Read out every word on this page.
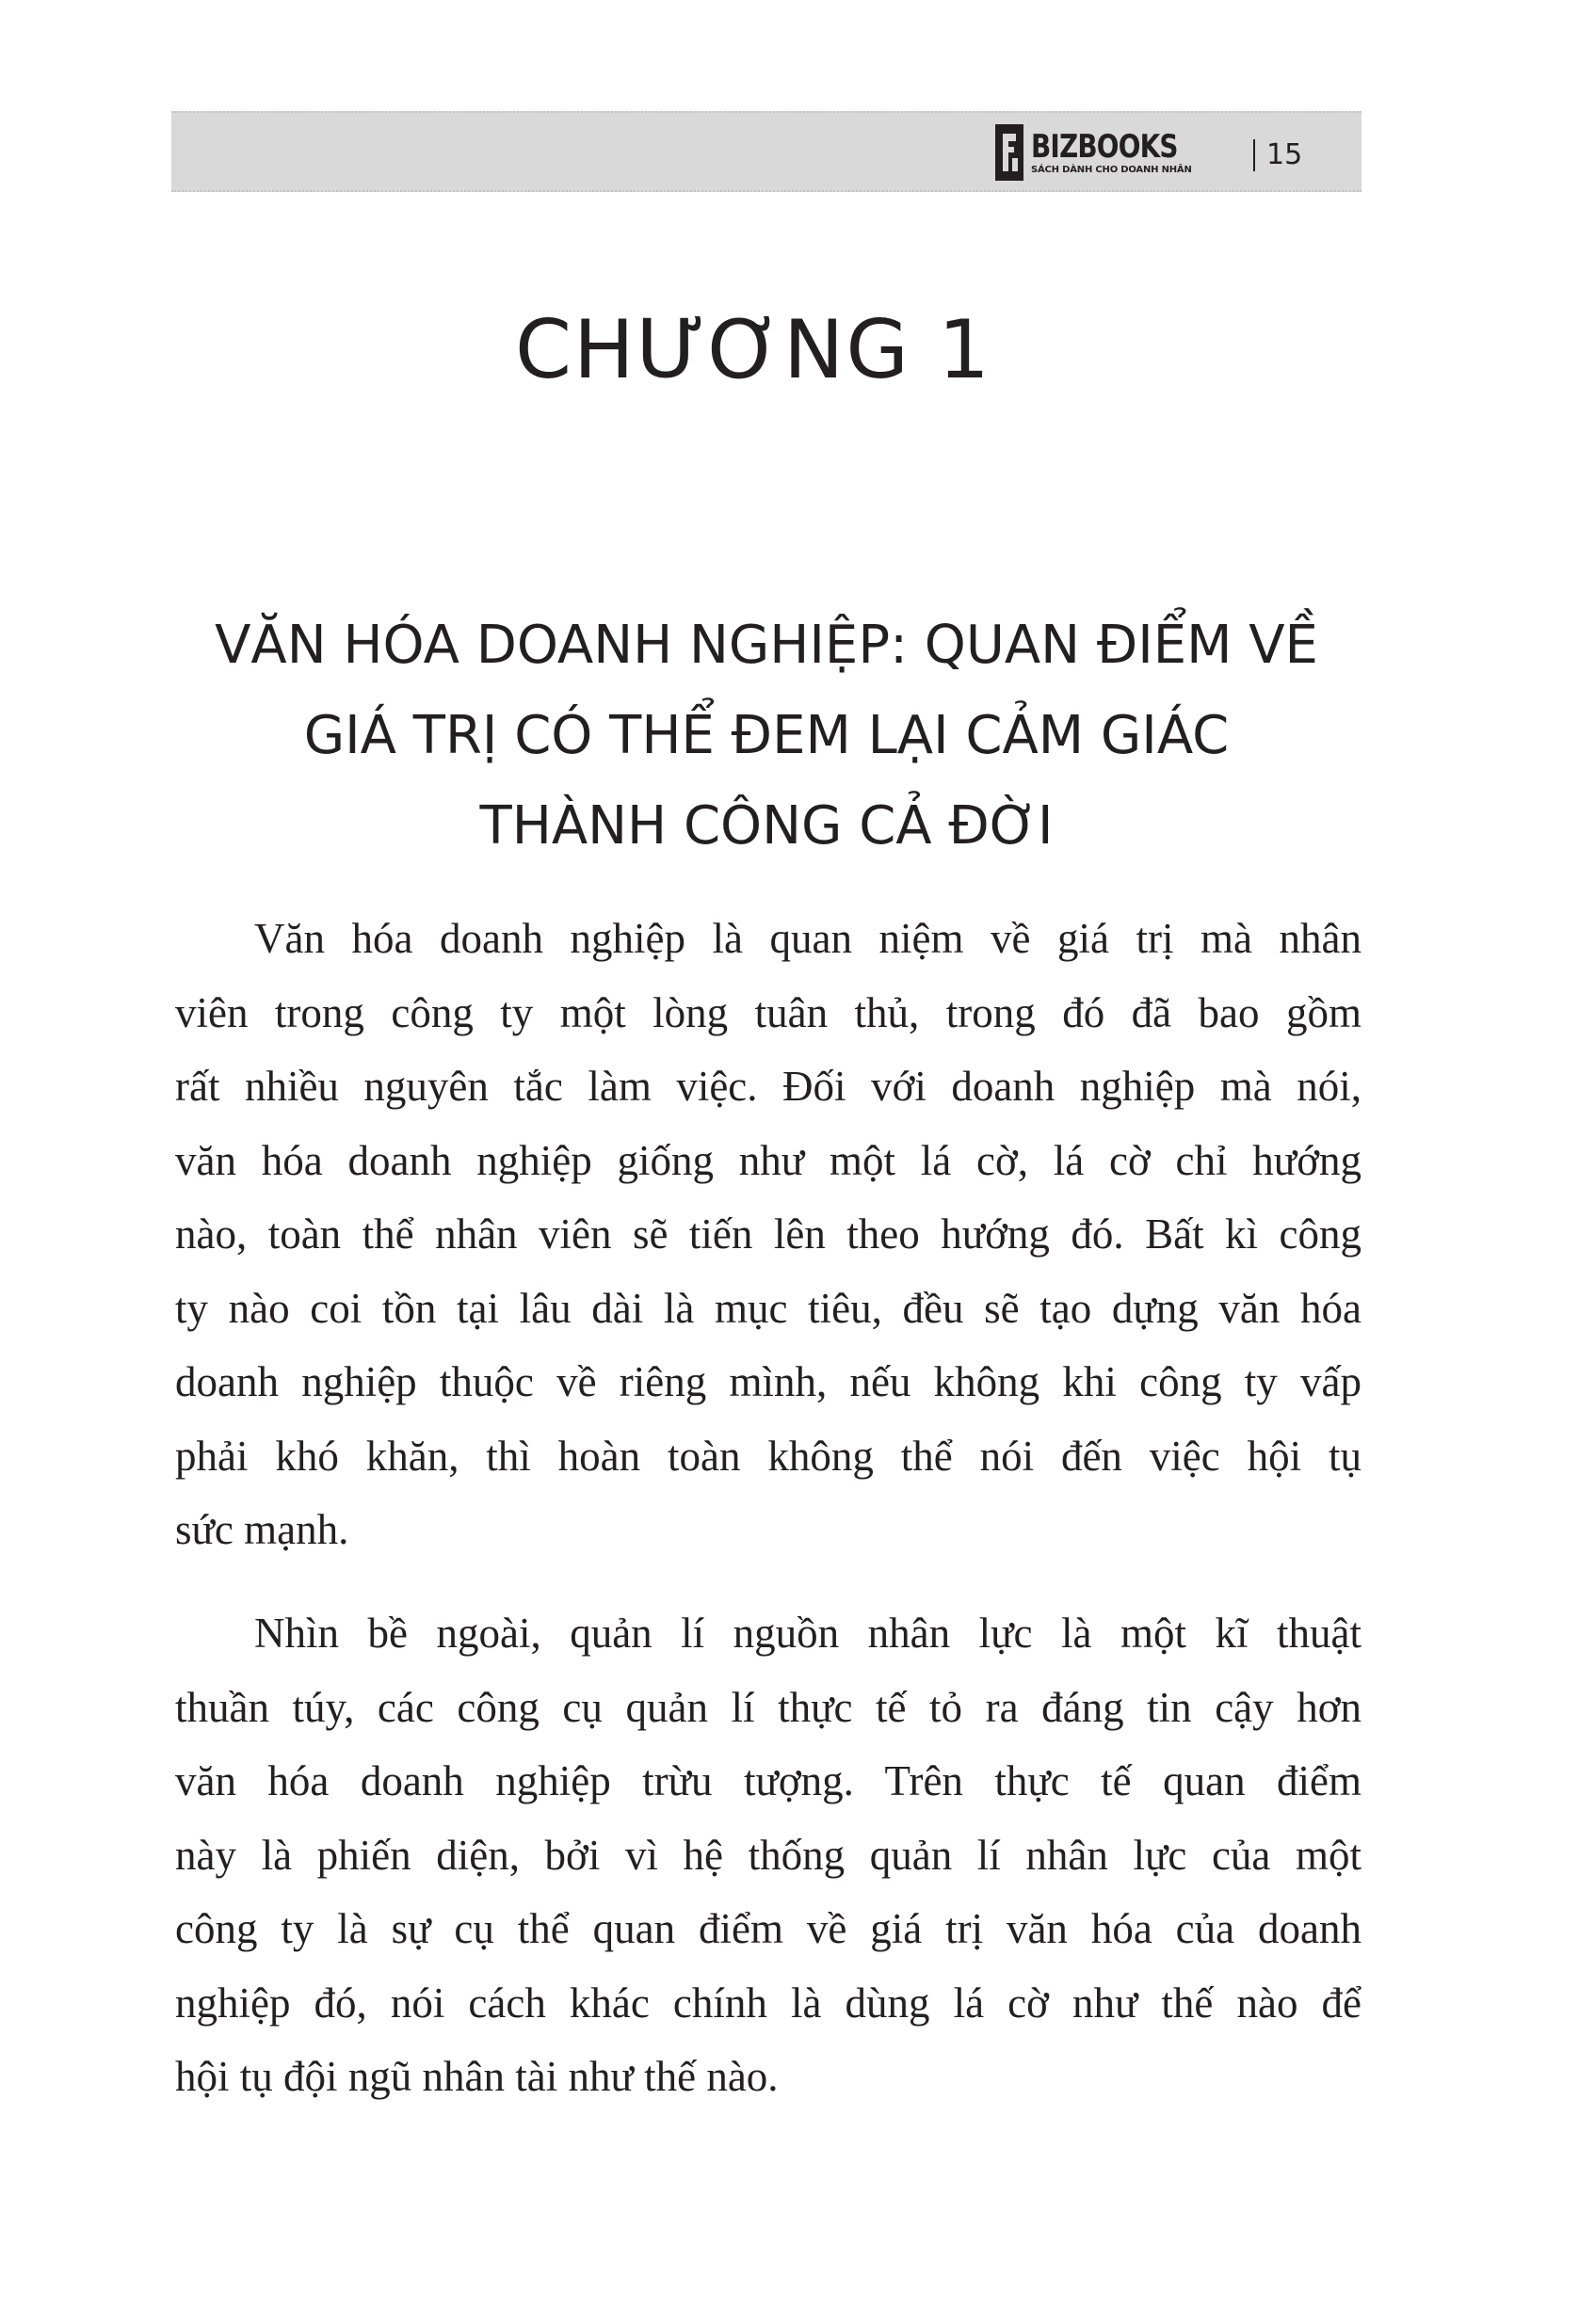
BIZBOOKS
SÁCH DÀNH CHO DOANH NHÂN	15
CHƯƠNG 1
VĂN HÓA DOANH NGHIỆP: QUAN ĐIỂM VỀ
GIÁ TRỊ CÓ THỂ ĐEM LẠI CẢM GIÁC
THÀNH CÔNG CẢ ĐỜI

Văn hóa doanh nghiệp là quan niệm về giá trị mà nhân
viên trong công ty một lòng tuân thủ, trong đó đã bao gồm
rất nhiều nguyên tắc làm việc. Đối với doanh nghiệp mà nói,
văn hóa doanh nghiệp giống như một lá cờ, lá cờ chỉ hướng
nào, toàn thể nhân viên sẽ tiến lên theo hướng đó. Bất kì công
ty nào coi tồn tại lâu dài là mục tiêu, đều sẽ tạo dựng văn hóa
doanh nghiệp thuộc về riêng mình, nếu không khi công ty vấp
phải khó khăn, thì hoàn toàn không thể nói đến việc hội tụ
sức mạnh.

Nhìn bề ngoài, quản lí nguồn nhân lực là một kĩ thuật
thuần túy, các công cụ quản lí thực tế tỏ ra đáng tin cậy hơn
văn hóa doanh nghiệp trừu tượng. Trên thực tế quan điểm
này là phiến diện, bởi vì hệ thống quản lí nhân lực của một
công ty là sự cụ thể quan điểm về giá trị văn hóa của doanh
nghiệp đó, nói cách khác chính là dùng lá cờ như thế nào để
hội tụ đội ngũ nhân tài như thế nào.
